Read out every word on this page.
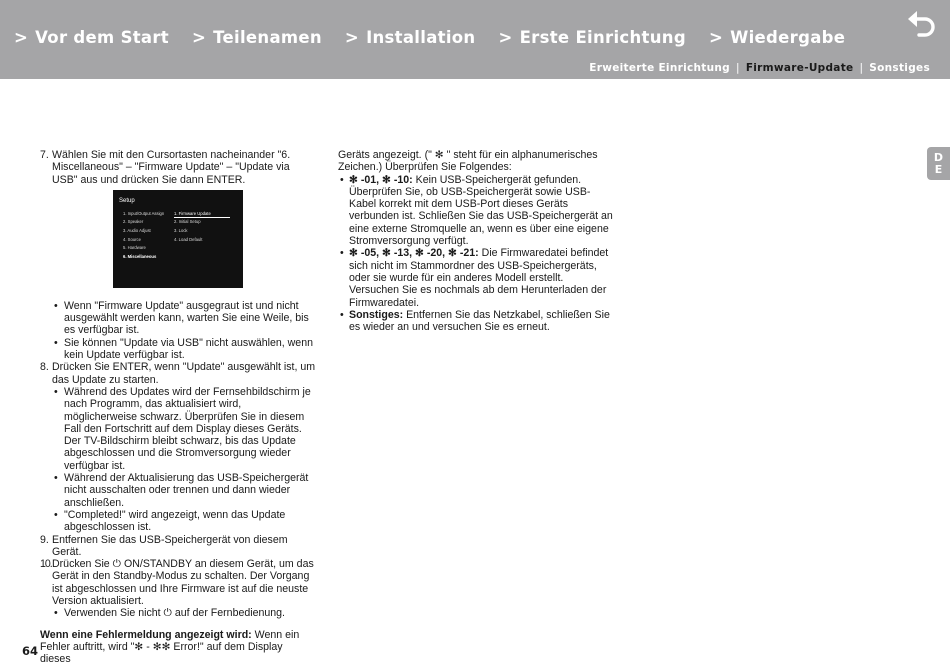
> Vor dem Start > Teilenamen > Installation > Erste Einrichtung > Wiedergabe
Erweiterte Einrichtung | Firmware-Update | Sonstiges
D
E
7. Wählen Sie mit den Cursortasten nacheinander "6. Miscellaneous" – "Firmware Update" – "Update via USB" aus und drücken Sie dann ENTER.
Setup
1. Input/Output Assign
2. Speaker
3. Audio Adjust
4. Source
5. Hardware
6. Miscellaneous
1. Firmware Update
2. Initial Setup
3. Lock
4. Load Default
• Wenn "Firmware Update" ausgegraut ist und nicht ausgewählt werden kann, warten Sie eine Weile, bis es verfügbar ist.
• Sie können "Update via USB" nicht auswählen, wenn kein Update verfügbar ist.
8. Drücken Sie ENTER, wenn "Update" ausgewählt ist, um das Update zu starten.
• Während des Updates wird der Fernsehbildschirm je nach Programm, das aktualisiert wird, möglicherweise schwarz. Überprüfen Sie in diesem Fall den Fortschritt auf dem Display dieses Geräts. Der TV-Bildschirm bleibt schwarz, bis das Update abgeschlossen und die Stromversorgung wieder verfügbar ist.
• Während der Aktualisierung das USB-Speichergerät nicht ausschalten oder trennen und dann wieder anschließen.
• "Completed!" wird angezeigt, wenn das Update abgeschlossen ist.
9. Entfernen Sie das USB-Speichergerät von diesem Gerät.
10. Drücken Sie ⏻ ON/STANDBY an diesem Gerät, um das Gerät in den Standby-Modus zu schalten. Der Vorgang ist abgeschlossen und Ihre Firmware ist auf die neuste Version aktualisiert.
• Verwenden Sie nicht ⏻ auf der Fernbedienung.
Wenn eine Fehlermeldung angezeigt wird: Wenn ein Fehler auftritt, wird "✻ - ✻✻ Error!" auf dem Display dieses
Geräts angezeigt. (" ✻ " steht für ein alphanumerisches Zeichen.) Überprüfen Sie Folgendes:
• ✻ -01, ✻ -10: Kein USB-Speichergerät gefunden. Überprüfen Sie, ob USB-Speichergerät sowie USB-Kabel korrekt mit dem USB-Port dieses Geräts verbunden ist. Schließen Sie das USB-Speichergerät an eine externe Stromquelle an, wenn es über eine eigene Stromversorgung verfügt.
• ✻ -05, ✻ -13, ✻ -20, ✻ -21: Die Firmwaredatei befindet sich nicht im Stammordner des USB-Speichergeräts, oder sie wurde für ein anderes Modell erstellt. Versuchen Sie es nochmals ab dem Herunterladen der Firmwaredatei.
• Sonstiges: Entfernen Sie das Netzkabel, schließen Sie es wieder an und versuchen Sie es erneut.
64
